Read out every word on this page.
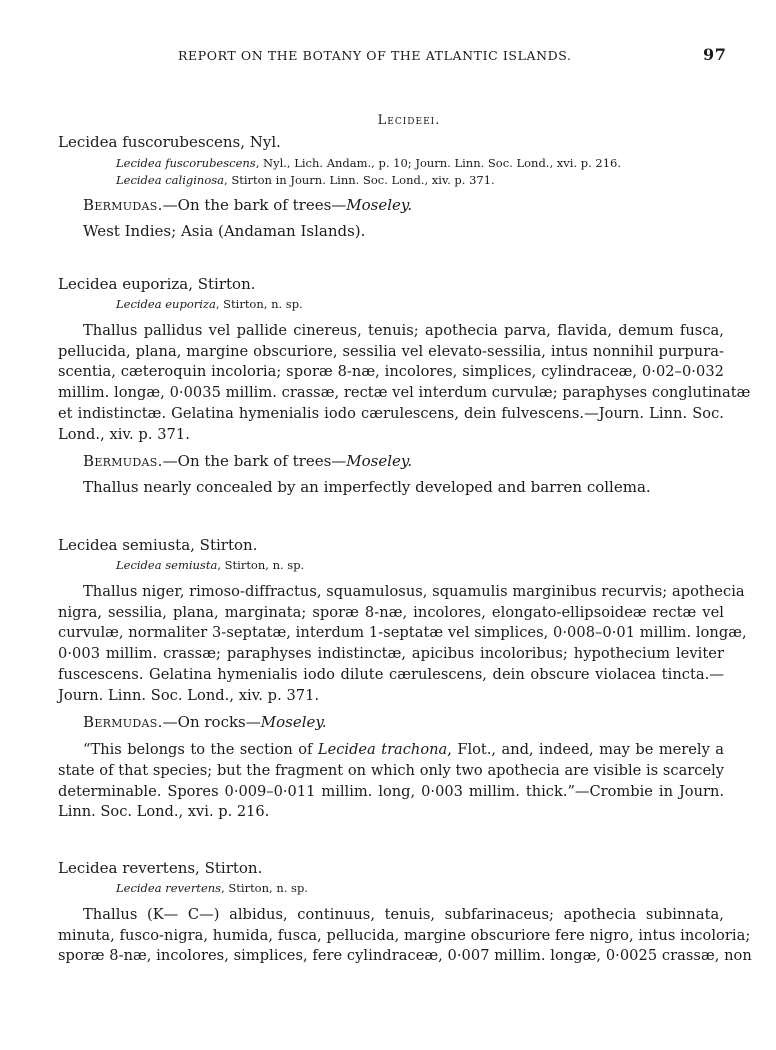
REPORT ON THE BOTANY OF THE ATLANTIC ISLANDS.	97
Lecideei.

Lecidea fuscorubescens, Nyl.

Lecidea fuscorubescens, Nyl., Lich. Andam., p. 10; Journ. Linn. Soc. Lond., xvi. p. 216.

Lecidea caliginosa, Stirton in Journ. Linn. Soc. Lond., xiv. p. 371.

Bermudas.—On the bark of trees—Moseley.

West Indies; Asia (Andaman Islands).

Lecidea euporiza, Stirton.

Lecidea euporiza, Stirton, n. sp.

Thallus pallidus vel pallide cinereus, tenuis; apothecia parva, flavida, demum fusca,
pellucida, plana, margine obscuriore, sessilia vel elevato-sessilia, intus nonnihil purpura-
scentia, cæteroquin incoloria; sporæ 8-næ, incolores, simplices, cylindraceæ, 0·02–0·032
millim. longæ, 0·0035 millim. crassæ, rectæ vel interdum curvulæ; paraphyses conglutinatæ
et indistinctæ. Gelatina hymenialis iodo cærulescens, dein fulvescens.—Journ. Linn. Soc.
Lond., xiv. p. 371.

Bermudas.—On the bark of trees—Moseley.

Thallus nearly concealed by an imperfectly developed and barren collema.

Lecidea semiusta, Stirton.

Lecidea semiusta, Stirton, n. sp.

Thallus niger, rimoso-diffractus, squamulosus, squamulis marginibus recurvis; apothecia
nigra, sessilia, plana, marginata; sporæ 8-næ, incolores, elongato-ellipsoideæ rectæ vel
curvulæ, normaliter 3-septatæ, interdum 1-septatæ vel simplices, 0·008–0·01 millim. longæ,
0·003 millim. crassæ; paraphyses indistinctæ, apicibus incoloribus; hypothecium leviter
fuscescens. Gelatina hymenialis iodo dilute cærulescens, dein obscure violacea tincta.—
Journ. Linn. Soc. Lond., xiv. p. 371.

Bermudas.—On rocks—Moseley.

“This belongs to the section of Lecidea trachona, Flot., and, indeed, may be merely a
state of that species; but the fragment on which only two apothecia are visible is scarcely
determinable. Spores 0·009–0·011 millim. long, 0·003 millim. thick.”—Crombie in Journ.
Linn. Soc. Lond., xvi. p. 216.

Lecidea revertens, Stirton.

Lecidea revertens, Stirton, n. sp.

Thallus (K— C—) albidus, continuus, tenuis, subfarinaceus; apothecia subinnata,
minuta, fusco-nigra, humida, fusca, pellucida, margine obscuriore fere nigro, intus incoloria;
sporæ 8-næ, incolores, simplices, fere cylindraceæ, 0·007 millim. longæ, 0·0025 crassæ, non
